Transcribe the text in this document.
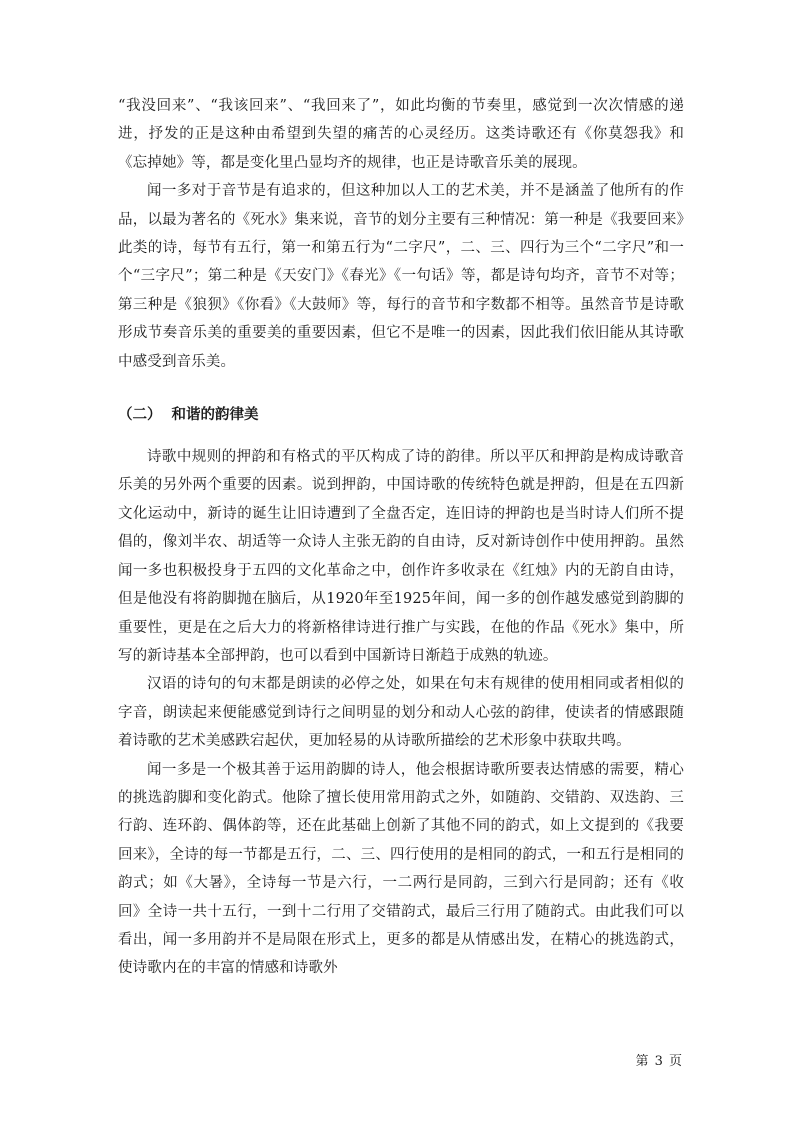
“我没回来”、“我该回来”、“我回来了”，如此均衡的节奏里，感觉到一次次情感的递进，抒发的正是这种由希望到失望的痛苦的心灵经历。这类诗歌还有《你莫怨我》和《忘掉她》等，都是变化里凸显均齐的规律，也正是诗歌音乐美的展现。

闻一多对于音节是有追求的，但这种加以人工的艺术美，并不是涵盖了他所有的作品，以最为著名的《死水》集来说，音节的划分主要有三种情况：第一种是《我要回来》此类的诗，每节有五行，第一和第五行为“二字尺”，二、三、四行为三个“二字尺”和一个“三字尺”；第二种是《天安门》《春光》《一句话》等，都是诗句均齐，音节不对等；第三种是《狼狈》《你看》《大鼓师》等，每行的音节和字数都不相等。虽然音节是诗歌形成节奏音乐美的重要美的重要因素，但它不是唯一的因素，因此我们依旧能从其诗歌中感受到音乐美。

（二） 和谐的韵律美

诗歌中规则的押韵和有格式的平仄构成了诗的韵律。所以平仄和押韵是构成诗歌音乐美的另外两个重要的因素。说到押韵，中国诗歌的传统特色就是押韵，但是在五四新文化运动中，新诗的诞生让旧诗遭到了全盘否定，连旧诗的押韵也是当时诗人们所不提倡的，像刘半农、胡适等一众诗人主张无韵的自由诗，反对新诗创作中使用押韵。虽然闻一多也积极投身于五四的文化革命之中，创作许多收录在《红烛》内的无韵自由诗，但是他没有将韵脚抛在脑后，从1920年至1925年间，闻一多的创作越发感觉到韵脚的重要性，更是在之后大力的将新格律诗进行推广与实践，在他的作品《死水》集中，所写的新诗基本全部押韵，也可以看到中国新诗日渐趋于成熟的轨迹。

汉语的诗句的句末都是朗读的必停之处，如果在句末有规律的使用相同或者相似的字音，朗读起来便能感觉到诗行之间明显的划分和动人心弦的韵律，使读者的情感跟随着诗歌的艺术美感跌宕起伏，更加轻易的从诗歌所描绘的艺术形象中获取共鸣。

闻一多是一个极其善于运用韵脚的诗人，他会根据诗歌所要表达情感的需要，精心的挑选韵脚和变化韵式。他除了擅长使用常用韵式之外，如随韵、交错韵、双迭韵、三行韵、连环韵、偶体韵等，还在此基础上创新了其他不同的韵式，如上文提到的《我要回来》，全诗的每一节都是五行，二、三、四行使用的是相同的韵式，一和五行是相同的韵式；如《大暑》，全诗每一节是六行，一二两行是同韵，三到六行是同韵；还有《收回》全诗一共十五行，一到十二行用了交错韵式，最后三行用了随韵式。由此我们可以看出，闻一多用韵并不是局限在形式上，更多的都是从情感出发，在精心的挑选韵式，使诗歌内在的丰富的情感和诗歌外

第 3 页
